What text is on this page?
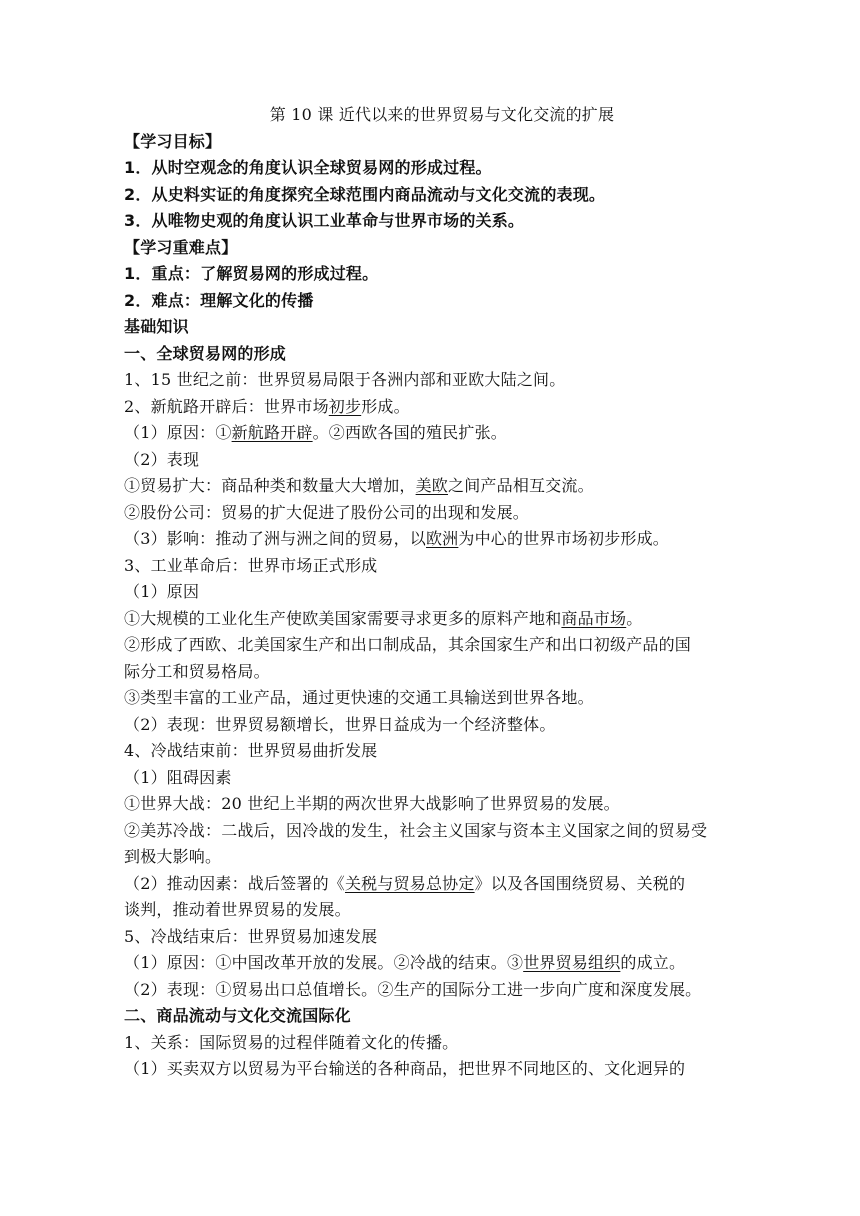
第 10 课 近代以来的世界贸易与文化交流的扩展
【学习目标】
1．从时空观念的角度认识全球贸易网的形成过程。
2．从史料实证的角度探究全球范围内商品流动与文化交流的表现。
3．从唯物史观的角度认识工业革命与世界市场的关系。
【学习重难点】
1．重点：了解贸易网的形成过程。
2．难点：理解文化的传播
基础知识
一、全球贸易网的形成
1、15 世纪之前：世界贸易局限于各洲内部和亚欧大陆之间。
2、新航路开辟后：世界市场初步形成。
（1）原因：①新航路开辟。②西欧各国的殖民扩张。
（2）表现
①贸易扩大：商品种类和数量大大增加，美欧之间产品相互交流。
②股份公司：贸易的扩大促进了股份公司的出现和发展。
（3）影响：推动了洲与洲之间的贸易，以欧洲为中心的世界市场初步形成。
3、工业革命后：世界市场正式形成
（1）原因
①大规模的工业化生产使欧美国家需要寻求更多的原料产地和商品市场。
②形成了西欧、北美国家生产和出口制成品，其余国家生产和出口初级产品的国
际分工和贸易格局。
③类型丰富的工业产品，通过更快速的交通工具输送到世界各地。
（2）表现：世界贸易额增长，世界日益成为一个经济整体。
4、冷战结束前：世界贸易曲折发展
（1）阻碍因素
①世界大战：20 世纪上半期的两次世界大战影响了世界贸易的发展。
②美苏冷战：二战后，因冷战的发生，社会主义国家与资本主义国家之间的贸易受
到极大影响。
（2）推动因素：战后签署的《关税与贸易总协定》以及各国围绕贸易、关税的
谈判，推动着世界贸易的发展。
5、冷战结束后：世界贸易加速发展
（1）原因：①中国改革开放的发展。②冷战的结束。③世界贸易组织的成立。
（2）表现：①贸易出口总值增长。②生产的国际分工进一步向广度和深度发展。
二、商品流动与文化交流国际化
1、关系：国际贸易的过程伴随着文化的传播。
（1）买卖双方以贸易为平台输送的各种商品，把世界不同地区的、文化迥异的
